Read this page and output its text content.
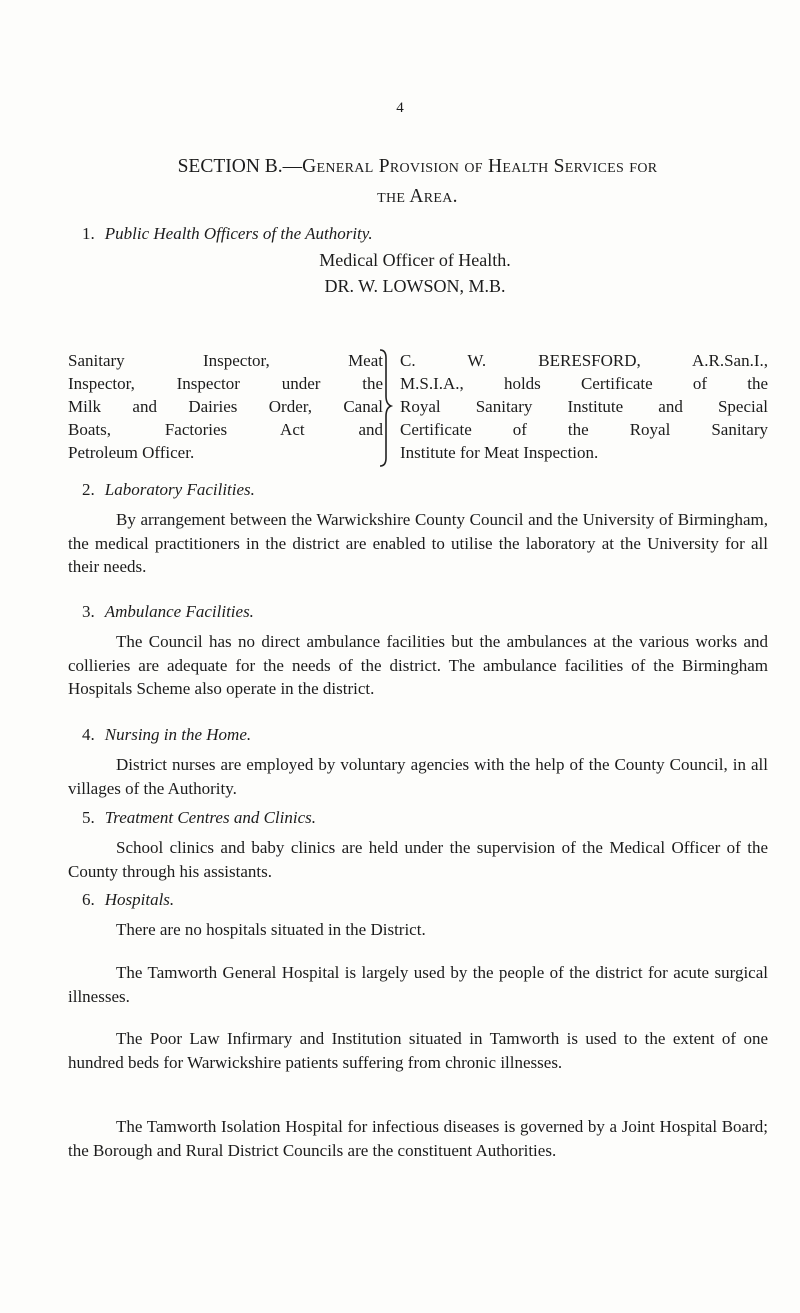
4
SECTION B.—General Provision of Health Services for
the Area.
1. Public Health Officers of the Authority.
Medical Officer of Health.
DR. W. LOWSON, M.B.
Sanitary Inspector, Meat
Inspector, Inspector under the
Milk and Dairies Order, Canal
Boats, Factories Act and
Petroleum Officer.
C. W. BERESFORD, A.R.San.I.,
M.S.I.A., holds Certificate of the
Royal Sanitary Institute and Special
Certificate of the Royal Sanitary
Institute for Meat Inspection.
2. Laboratory Facilities.

By arrangement between the Warwickshire County Council and the University of Birmingham, the medical practitioners in the district are enabled to utilise the laboratory at the University for all their needs.

3. Ambulance Facilities.

The Council has no direct ambulance facilities but the ambulances at the various works and collieries are adequate for the needs of the district. The ambulance facilities of the Birmingham Hospitals Scheme also operate in the district.

4. Nursing in the Home.

District nurses are employed by voluntary agencies with the help of the County Council, in all villages of the Authority.

5. Treatment Centres and Clinics.

School clinics and baby clinics are held under the supervision of the Medical Officer of the County through his assistants.

6. Hospitals.

There are no hospitals situated in the District.

The Tamworth General Hospital is largely used by the people of the district for acute surgical illnesses.

The Poor Law Infirmary and Institution situated in Tamworth is used to the extent of one hundred beds for Warwickshire patients suffering from chronic illnesses.

The Tamworth Isolation Hospital for infectious diseases is governed by a Joint Hospital Board; the Borough and Rural District Councils are the constituent Authorities.
